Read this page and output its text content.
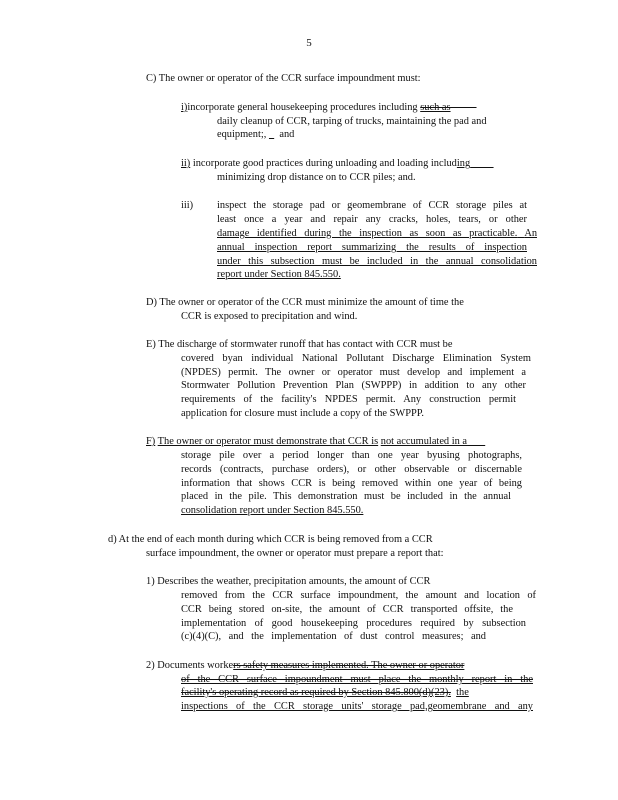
5
C) The owner or operator of the CCR surface impoundment must:
i)incorporate general housekeeping procedures including such as
daily cleanup of CCR, tarping of trucks, maintaining the pad and
equipment;, and
ii) incorporate good practices during unloading and loading including
minimizing drop distance on to CCR piles; and.
iii) inspect the storage pad or geomembrane of CCR storage piles at
least once a year and repair any cracks, holes, tears, or other
damage identified during the inspection as soon as practicable. An
annual inspection report summarizing the results of inspection
under this subsection must be included in the annual consolidation
report under Section 845.550.
D) The owner or operator of the CCR must minimize the amount of time the
CCR is exposed to precipitation and wind.
E) The discharge of stormwater runoff that has contact with CCR must be
covered byan individual National Pollutant Discharge Elimination System
(NPDES) permit. The owner or operator must develop and implement a
Stormwater Pollution Prevention Plan (SWPPP) in addition to any other
requirements of the facility's NPDES permit. Any construction permit
application for closure must include a copy of the SWPPP.
F) The owner or operator must demonstrate that CCR is not accumulated in a
storage pile over a period longer than one year byusing photographs,
records (contracts, purchase orders), or other observable or discernable
information that shows CCR is being removed within one year of being
placed in the pile. This demonstration must be included in the annual
consolidation report under Section 845.550.
d) At the end of each month during which CCR is being removed from a CCR
surface impoundment, the owner or operator must prepare a report that:
1) Describes the weather, precipitation amounts, the amount of CCR
removed from the CCR surface impoundment, the amount and location of
CCR being stored on-site, the amount of CCR transported offsite, the
implementation of good housekeeping procedures required by subsection
(c)(4)(C), and the implementation of dust control measures; and
2) Documents workers safety measures implemented. The owner or operator
of the CCR surface impoundment must place the monthly report in the
facility's operating record as required by Section 845.800(d)(23). the
inspections of the CCR storage units' storage pad,geomembrane and any
